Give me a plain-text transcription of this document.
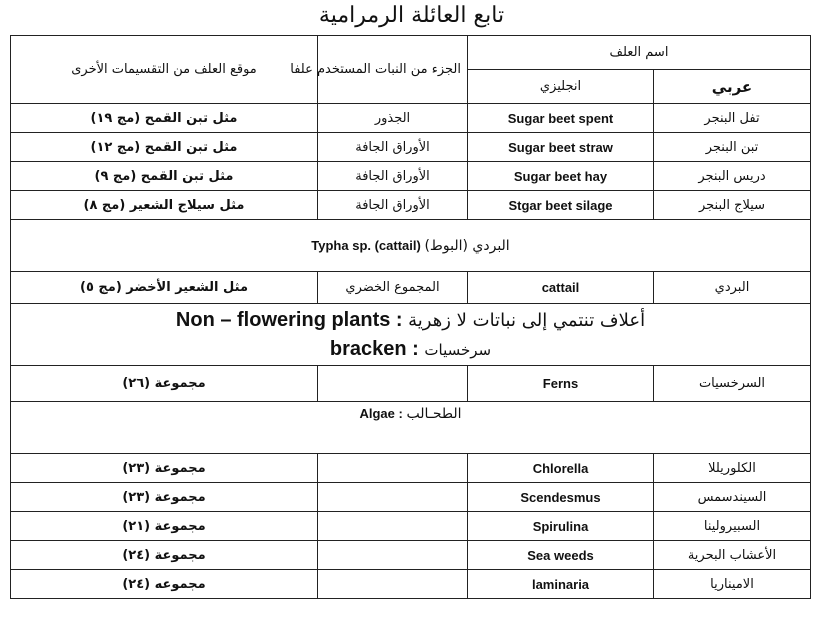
تابع العائلة الرمرامية
موقع العلف من التقسيمات الأخرى	الجزء من النبات المستخدم علفا	اسم العلف	
		انجليزي	عربي
مثل تبن القمح (مج ١٩)	الجذور	Sugar beet spent	تفل البنجر
مثل تبن القمح (مج ١٢)	الأوراق الجافة	Sugar beet straw	تبن البنجر
مثل تبن القمح (مج ٩)	الأوراق الجافة	Sugar beet hay	دريس البنجر
مثل سيلاج الشعير (مج ٨)	الأوراق الجافة	Stgar beet silage	سيلاج البنجر
Typha sp. (cattail) البردي (البوط)			
مثل الشعير الأخضر (مج ٥)	المجموع الخضري	cattail	البردي

Non – flowering plants : أعلاف تنتمي إلى نباتات لا زهرية
bracken : سرخسيات			

مجموعة (٢٦)		Ferns	السرخسيات
Algae : الطحـالب			
مجموعة (٢٣)		Chlorella	الكلوريللا
مجموعة (٢٣)		Scendesmus	السيندسمس
مجموعة (٢١)		Spirulina	السبيرولينا
مجموعة (٢٤)		Sea weeds	الأعشاب البحرية
مجموعه (٢٤)		laminaria	الاميناريا
